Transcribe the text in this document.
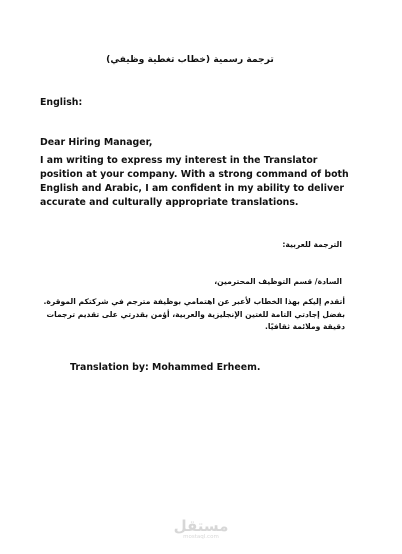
ترجمة رسمية (خطاب تغطية وظيفي)

English:

Dear Hiring Manager,

I am writing to express my interest in the Translator position at your company. With a strong command of both English and Arabic, I am confident in my ability to deliver accurate and culturally appropriate translations.

الترجمة للعربية:

السادة/ قسم التوظيف المحترمين،

أتقدم إليكم بهذا الخطاب لأعبر عن اهتمامي بوظيفة مترجم في شركتكم الموقرة. بفضل إجادتي التامة للغتين الإنجليزية والعربية، أؤمن بقدرتي على تقديم ترجمات دقيقة وملائمة ثقافيًا.

Translation by: Mohammed Erheem.

مستقل
mostaql.com
